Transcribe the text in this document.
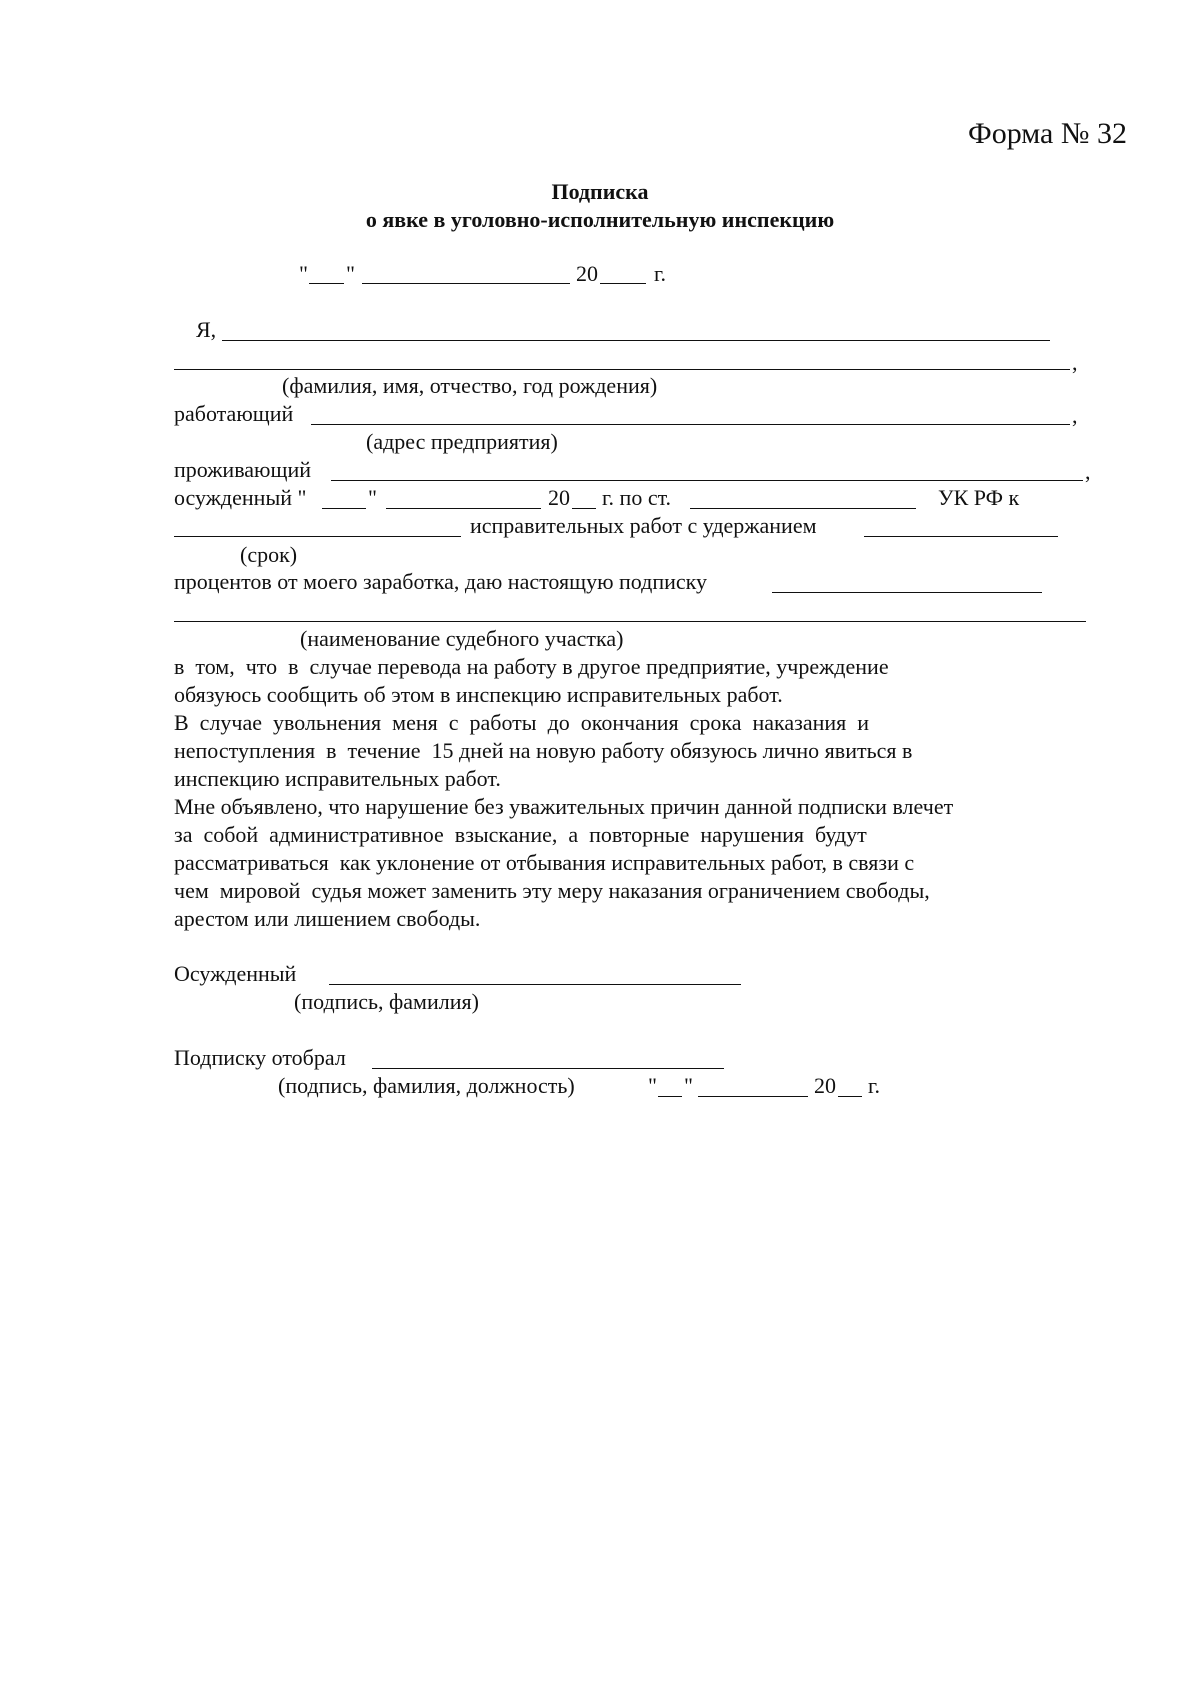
Форма № 32
Подписка
о явке в уголовно-исполнительную инспекцию
" "	20	г.
Я,
,
(фамилия, имя, отчество, год рождения)
работающий	,
(адрес предприятия)
проживающий	,
осужденный "	"	20 г. по ст.	УК РФ к
исправительных работ с удержанием
(срок)
процентов от моего заработка, даю настоящую подписку
(наименование судебного участка)
в  том,  что  в  случае перевода на работу в другое предприятие, учреждение
обязуюсь сообщить об этом в инспекцию исправительных работ.
В  случае  увольнения  меня  с  работы  до  окончания  срока  наказания  и
непоступления  в  течение  15 дней на новую работу обязуюсь лично явиться в
инспекцию исправительных работ.
Мне объявлено, что нарушение без уважительных причин данной подписки влечет
за  собой  административное  взыскание,  а  повторные  нарушения  будут
рассматриваться  как уклонение от отбывания исправительных работ, в связи с
чем  мировой  судья может заменить эту меру наказания ограничением свободы,
арестом или лишением свободы.
Осужденный
(подпись, фамилия)
Подписку отобрал
(подпись, фамилия, должность)	" "	20 г.
